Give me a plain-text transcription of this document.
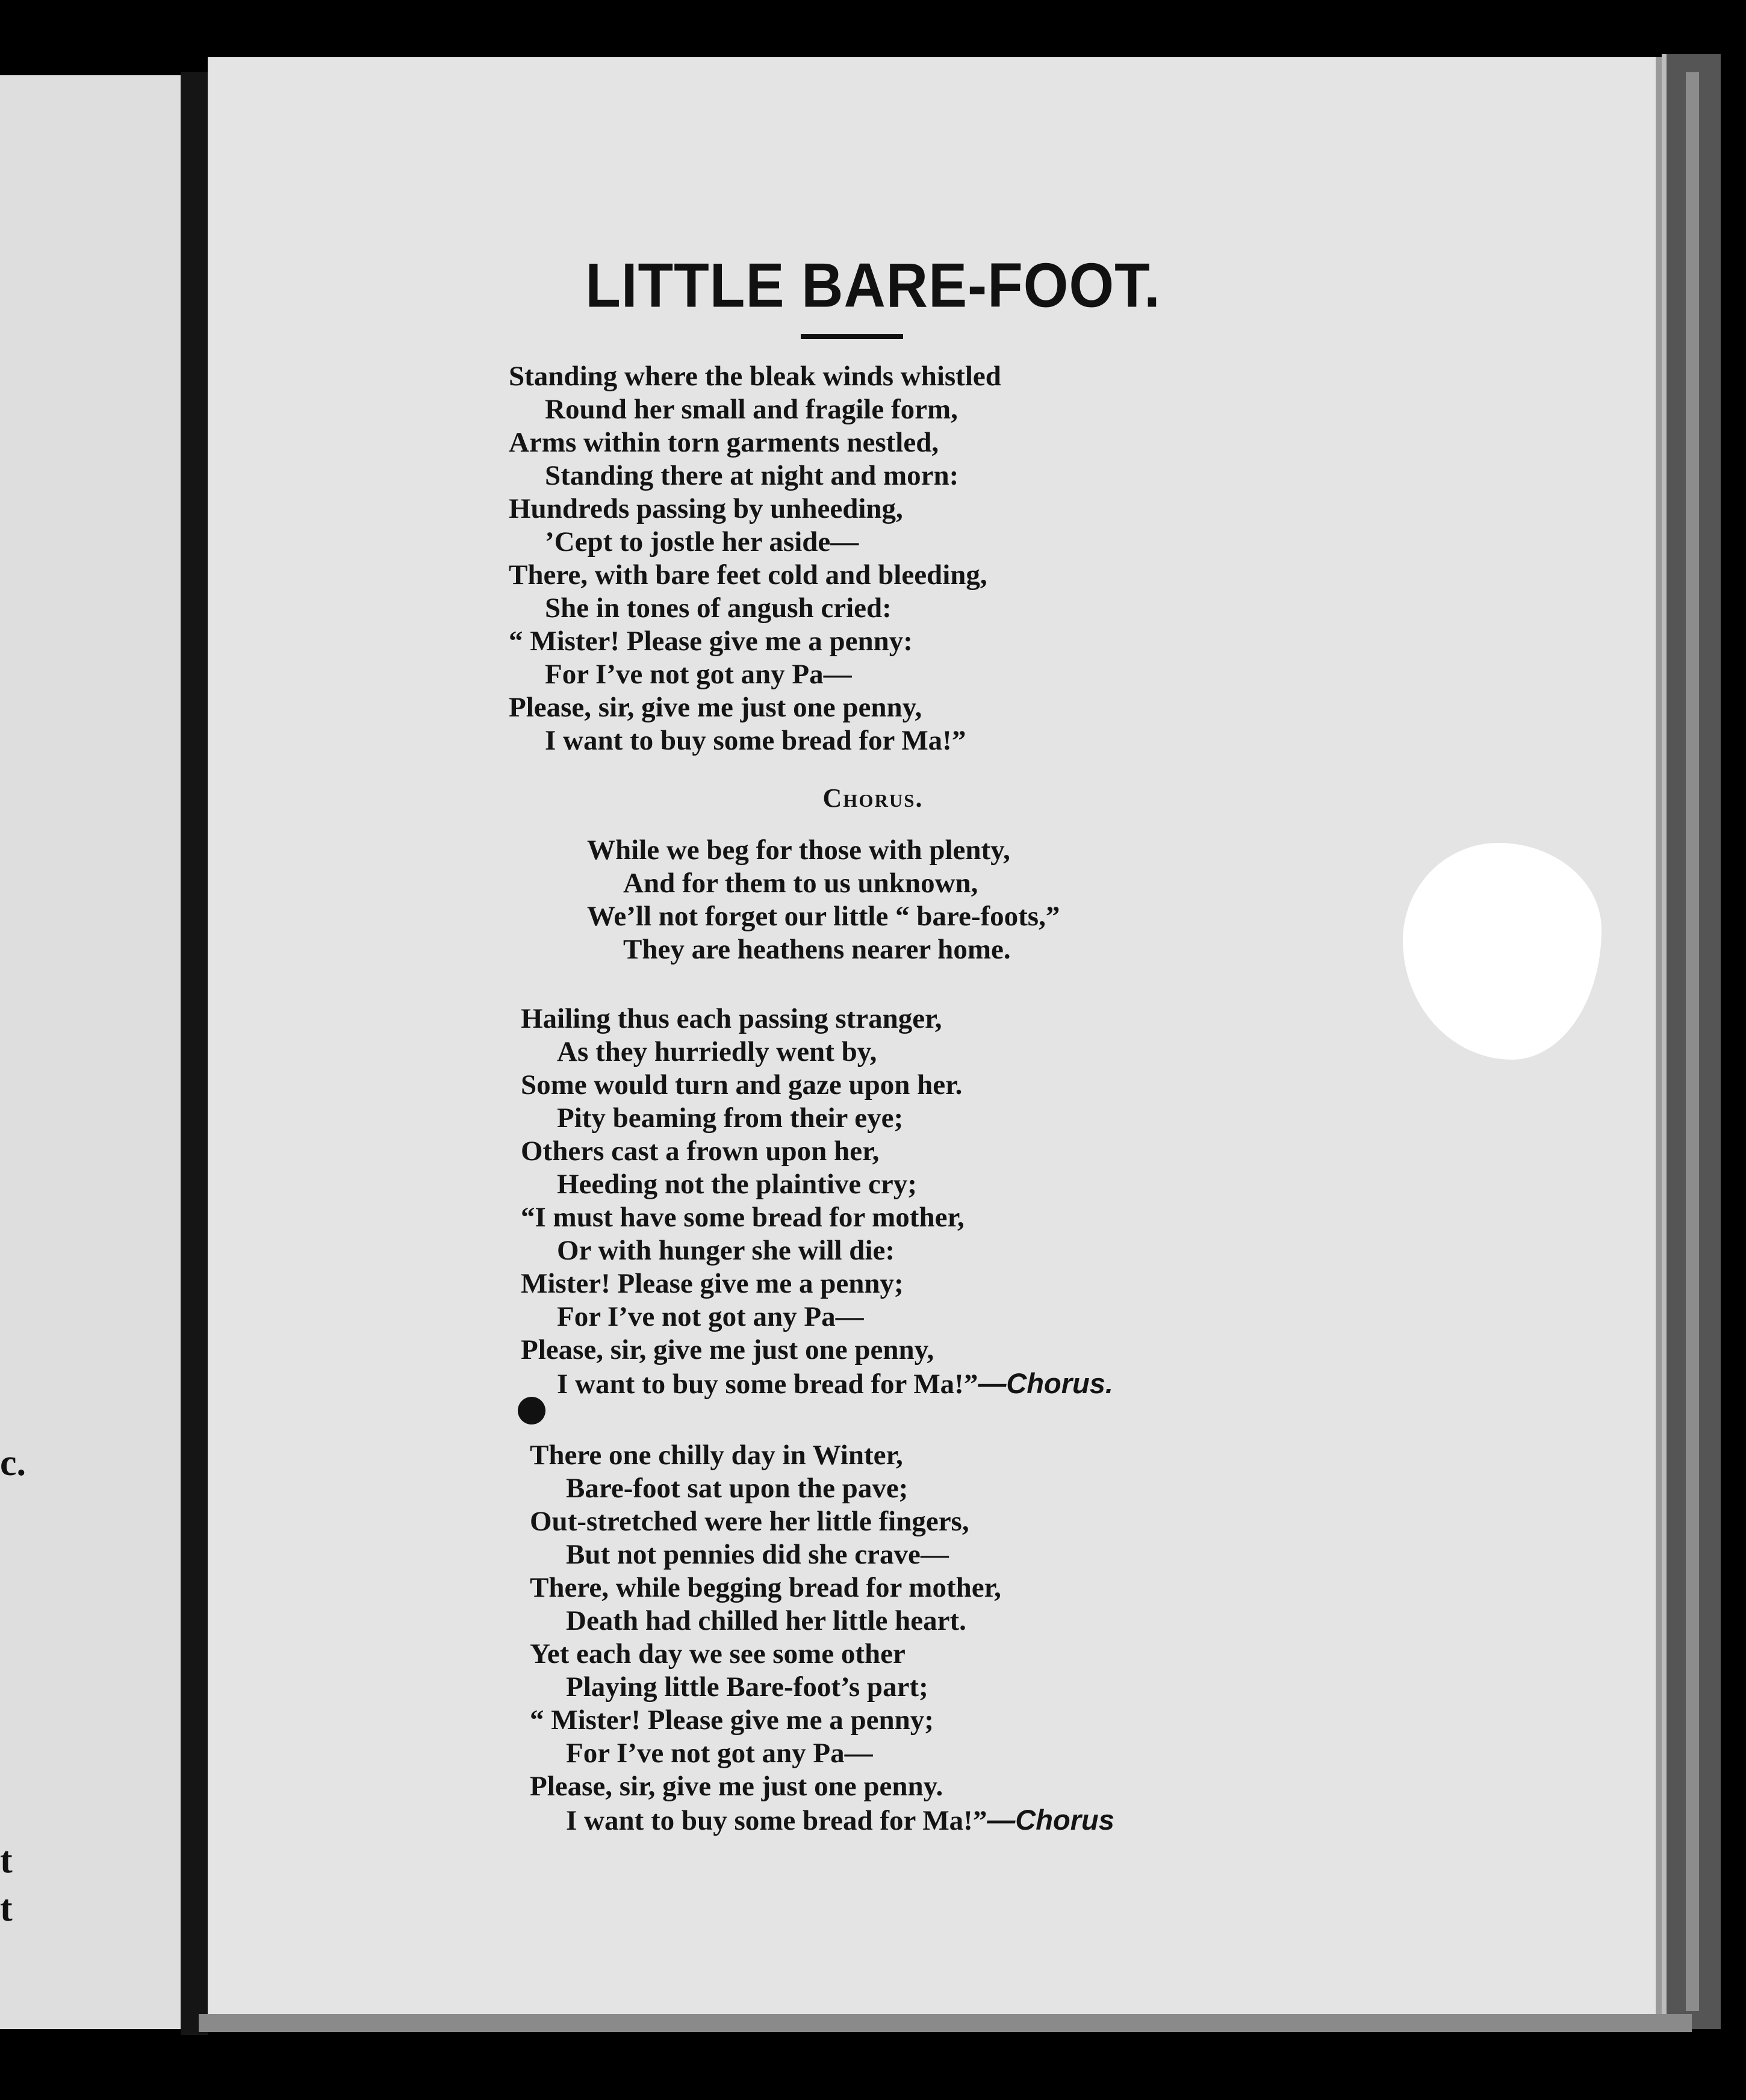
c.
t
t
LITTLE BARE-FOOT.
Standing where the bleak winds whistled
Round her small and fragile form,
Arms within torn garments nestled,
Standing there at night and morn:
Hundreds passing by unheeding,
’Cept to jostle her aside—
There, with bare feet cold and bleeding,
She in tones of angush cried:
“ Mister! Please give me a penny:
For I’ve not got any Pa—
Please, sir, give me just one penny,
I want to buy some bread for Ma!”
Chorus.
While we beg for those with plenty,
And for them to us unknown,
We’ll not forget our little “ bare-foots,”
They are heathens nearer home.
Hailing thus each passing stranger,
As they hurriedly went by,
Some would turn and gaze upon her.
Pity beaming from their eye;
Others cast a frown upon her,
Heeding not the plaintive cry;
“I must have some bread for mother,
Or with hunger she will die:
Mister! Please give me a penny;
For I’ve not got any Pa—
Please, sir, give me just one penny,
I want to buy some bread for Ma!”—Chorus.
There one chilly day in Winter,
Bare-foot sat upon the pave;
Out-stretched were her little fingers,
But not pennies did she crave—
There, while begging bread for mother,
Death had chilled her little heart.
Yet each day we see some other
Playing little Bare-foot’s part;
“ Mister! Please give me a penny;
For I’ve not got any Pa—
Please, sir, give me just one penny.
I want to buy some bread for Ma!”—Chorus
